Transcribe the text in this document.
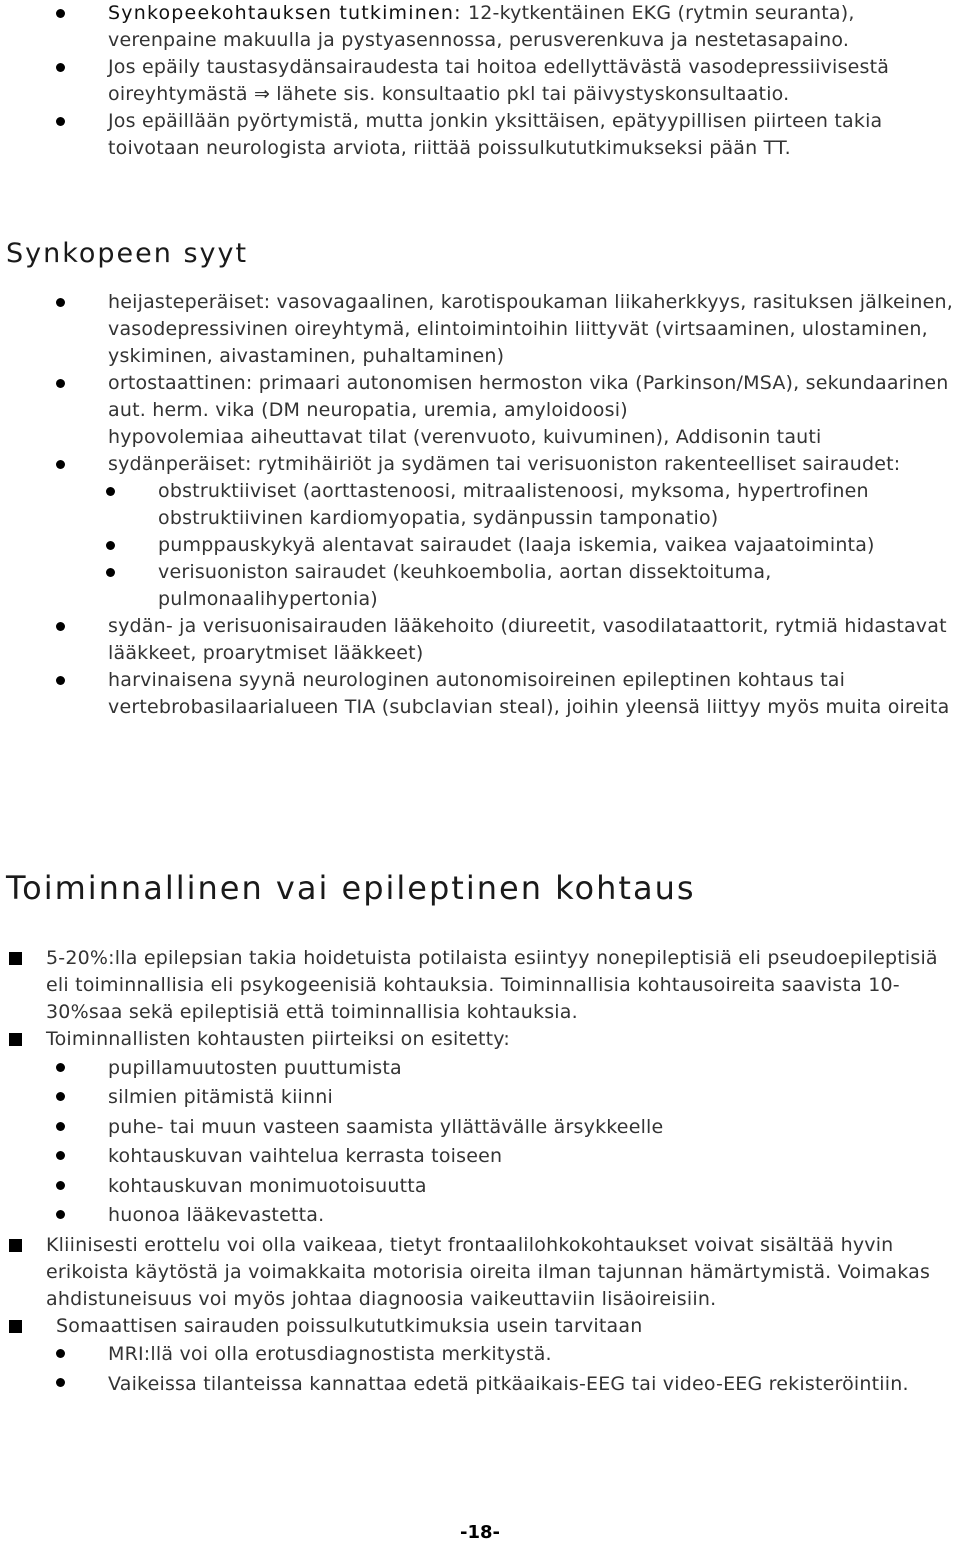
Synkopeekohtauksen tutkiminen: 12-kytkentäinen EKG (rytmin seuranta), verenpaine makuulla ja pystyasennossa, perusverenkuva ja nestetasapaino.
Jos epäily taustasydänsairaudesta tai hoitoa edellyttävästä vasodepressiivisestä oireyhtymästä ⇒ lähete sis. konsultaatio pkl tai päivystyskonsultaatio.
Jos epäillään pyörtymistä, mutta jonkin yksittäisen, epätyypillisen piirteen takia toivotaan neurologista arviota, riittää poissulkututkimukseksi pään TT.
Synkopeen syyt
heijasteperäiset: vasovagaalinen, karotispoukaman liikaherkkyys, rasituksen jälkeinen, vasodepressivinen oireyhtymä, elintoimintoihin liittyvät (virtsaaminen, ulostaminen, yskiminen, aivastaminen, puhaltaminen)
ortostaattinen: primaari autonomisen hermoston vika (Parkinson/MSA), sekundaarinen aut. herm. vika (DM neuropatia, uremia, amyloidoosi)
hypovolemiaa aiheuttavat tilat (verenvuoto, kuivuminen), Addisonin tauti
sydänperäiset: rytmihäiriöt ja sydämen tai verisuoniston rakenteelliset sairaudet:
obstruktiiviset (aorttastenoosi, mitraalistenoosi, myksoma, hypertrofinen obstruktiivinen kardiomyopatia, sydänpussin tamponatio)
pumppauskykyä alentavat sairaudet (laaja iskemia, vaikea vajaatoiminta)
verisuoniston sairaudet (keuhkoembolia, aortan dissektoituma, pulmonaalihypertonia)
sydän- ja verisuonisairauden lääkehoito (diureetit, vasodilataattorit, rytmiä hidastavat lääkkeet, proarytmiset lääkkeet)
harvinaisena syynä neurologinen autonomisoireinen epileptinen kohtaus tai vertebrobasilaarialueen TIA (subclavian steal), joihin yleensä liittyy myös muita oireita
Toiminnallinen vai epileptinen kohtaus

5-20%:lla epilepsian takia hoidetuista potilaista esiintyy nonepileptisiä eli pseudoepileptisiä eli toiminnallisia eli psykogeenisiä kohtauksia. Toiminnallisia kohtausoireita saavista 10-30%saa sekä epileptisiä että toiminnallisia kohtauksia.

Toiminnallisten kohtausten piirteiksi on esitetty:

pupillamuutosten puuttumista
silmien pitämistä kiinni
puhe- tai muun vasteen saamista yllättävälle ärsykkeelle
kohtauskuvan vaihtelua kerrasta toiseen
kohtauskuvan monimuotoisuutta
huonoa lääkevastetta.

Kliinisesti erottelu voi olla vaikeaa, tietyt frontaalilohkokohtaukset voivat sisältää hyvin erikoista käytöstä ja voimakkaita motorisia oireita ilman tajunnan hämärtymistä. Voimakas ahdistuneisuus voi myös johtaa diagnoosia vaikeuttaviin lisäoireisiin.

Somaattisen sairauden poissulkututkimuksia usein tarvitaan

MRI:llä voi olla erotusdiagnostista merkitystä.
Vaikeissa tilanteissa kannattaa edetä pitkäaikais-EEG tai video-EEG rekisteröintiin.
-18-
